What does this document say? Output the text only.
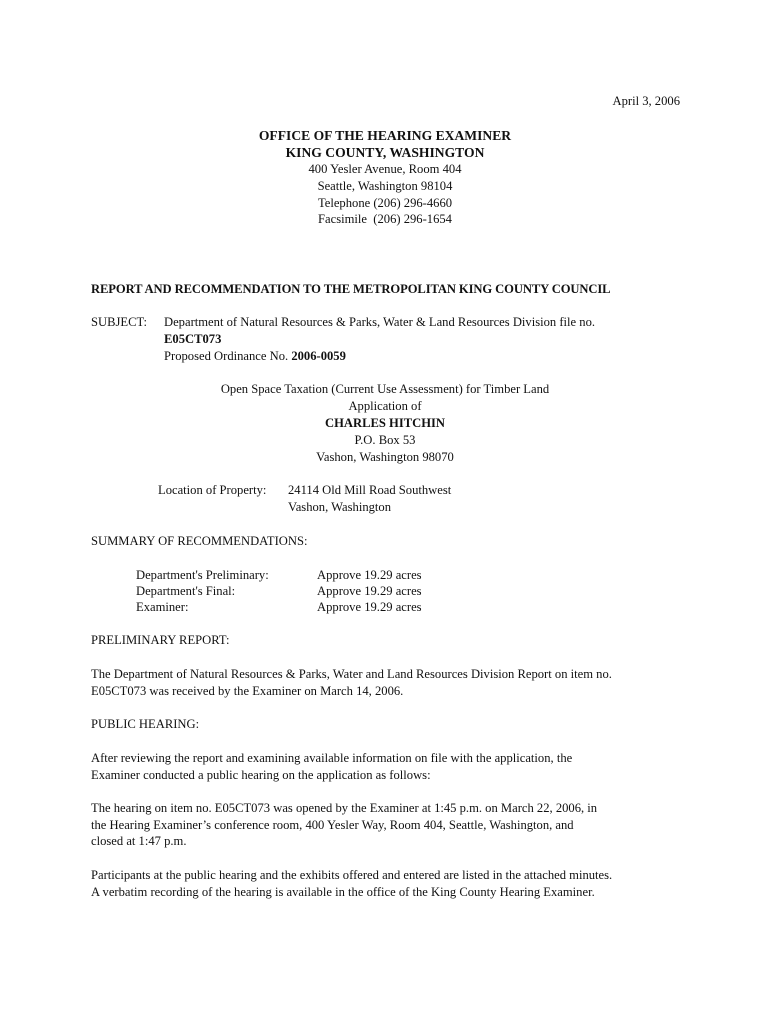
April 3, 2006
OFFICE OF THE HEARING EXAMINER
KING COUNTY, WASHINGTON
400 Yesler Avenue, Room 404
Seattle, Washington 98104
Telephone (206) 296-4660
Facsimile  (206) 296-1654
REPORT AND RECOMMENDATION TO THE METROPOLITAN KING COUNTY COUNCIL
SUBJECT: Department of Natural Resources & Parks, Water & Land Resources Division file no.
E05CT073
Proposed Ordinance No. 2006-0059
Open Space Taxation (Current Use Assessment) for Timber Land
Application of
CHARLES HITCHIN
P.O. Box 53
Vashon, Washington 98070
Location of Property: 24114 Old Mill Road Southwest
Vashon, Washington
SUMMARY OF RECOMMENDATIONS:
Department's Preliminary:	Approve 19.29 acres
Department's Final:	Approve 19.29 acres
Examiner:	Approve 19.29 acres
PRELIMINARY REPORT:
The Department of Natural Resources & Parks, Water and Land Resources Division Report on item no.
E05CT073 was received by the Examiner on March 14, 2006.
PUBLIC HEARING:
After reviewing the report and examining available information on file with the application, the
Examiner conducted a public hearing on the application as follows:
The hearing on item no. E05CT073 was opened by the Examiner at 1:45 p.m. on March 22, 2006, in
the Hearing Examiner’s conference room, 400 Yesler Way, Room 404, Seattle, Washington, and
closed at 1:47 p.m.
Participants at the public hearing and the exhibits offered and entered are listed in the attached minutes.
A verbatim recording of the hearing is available in the office of the King County Hearing Examiner.
